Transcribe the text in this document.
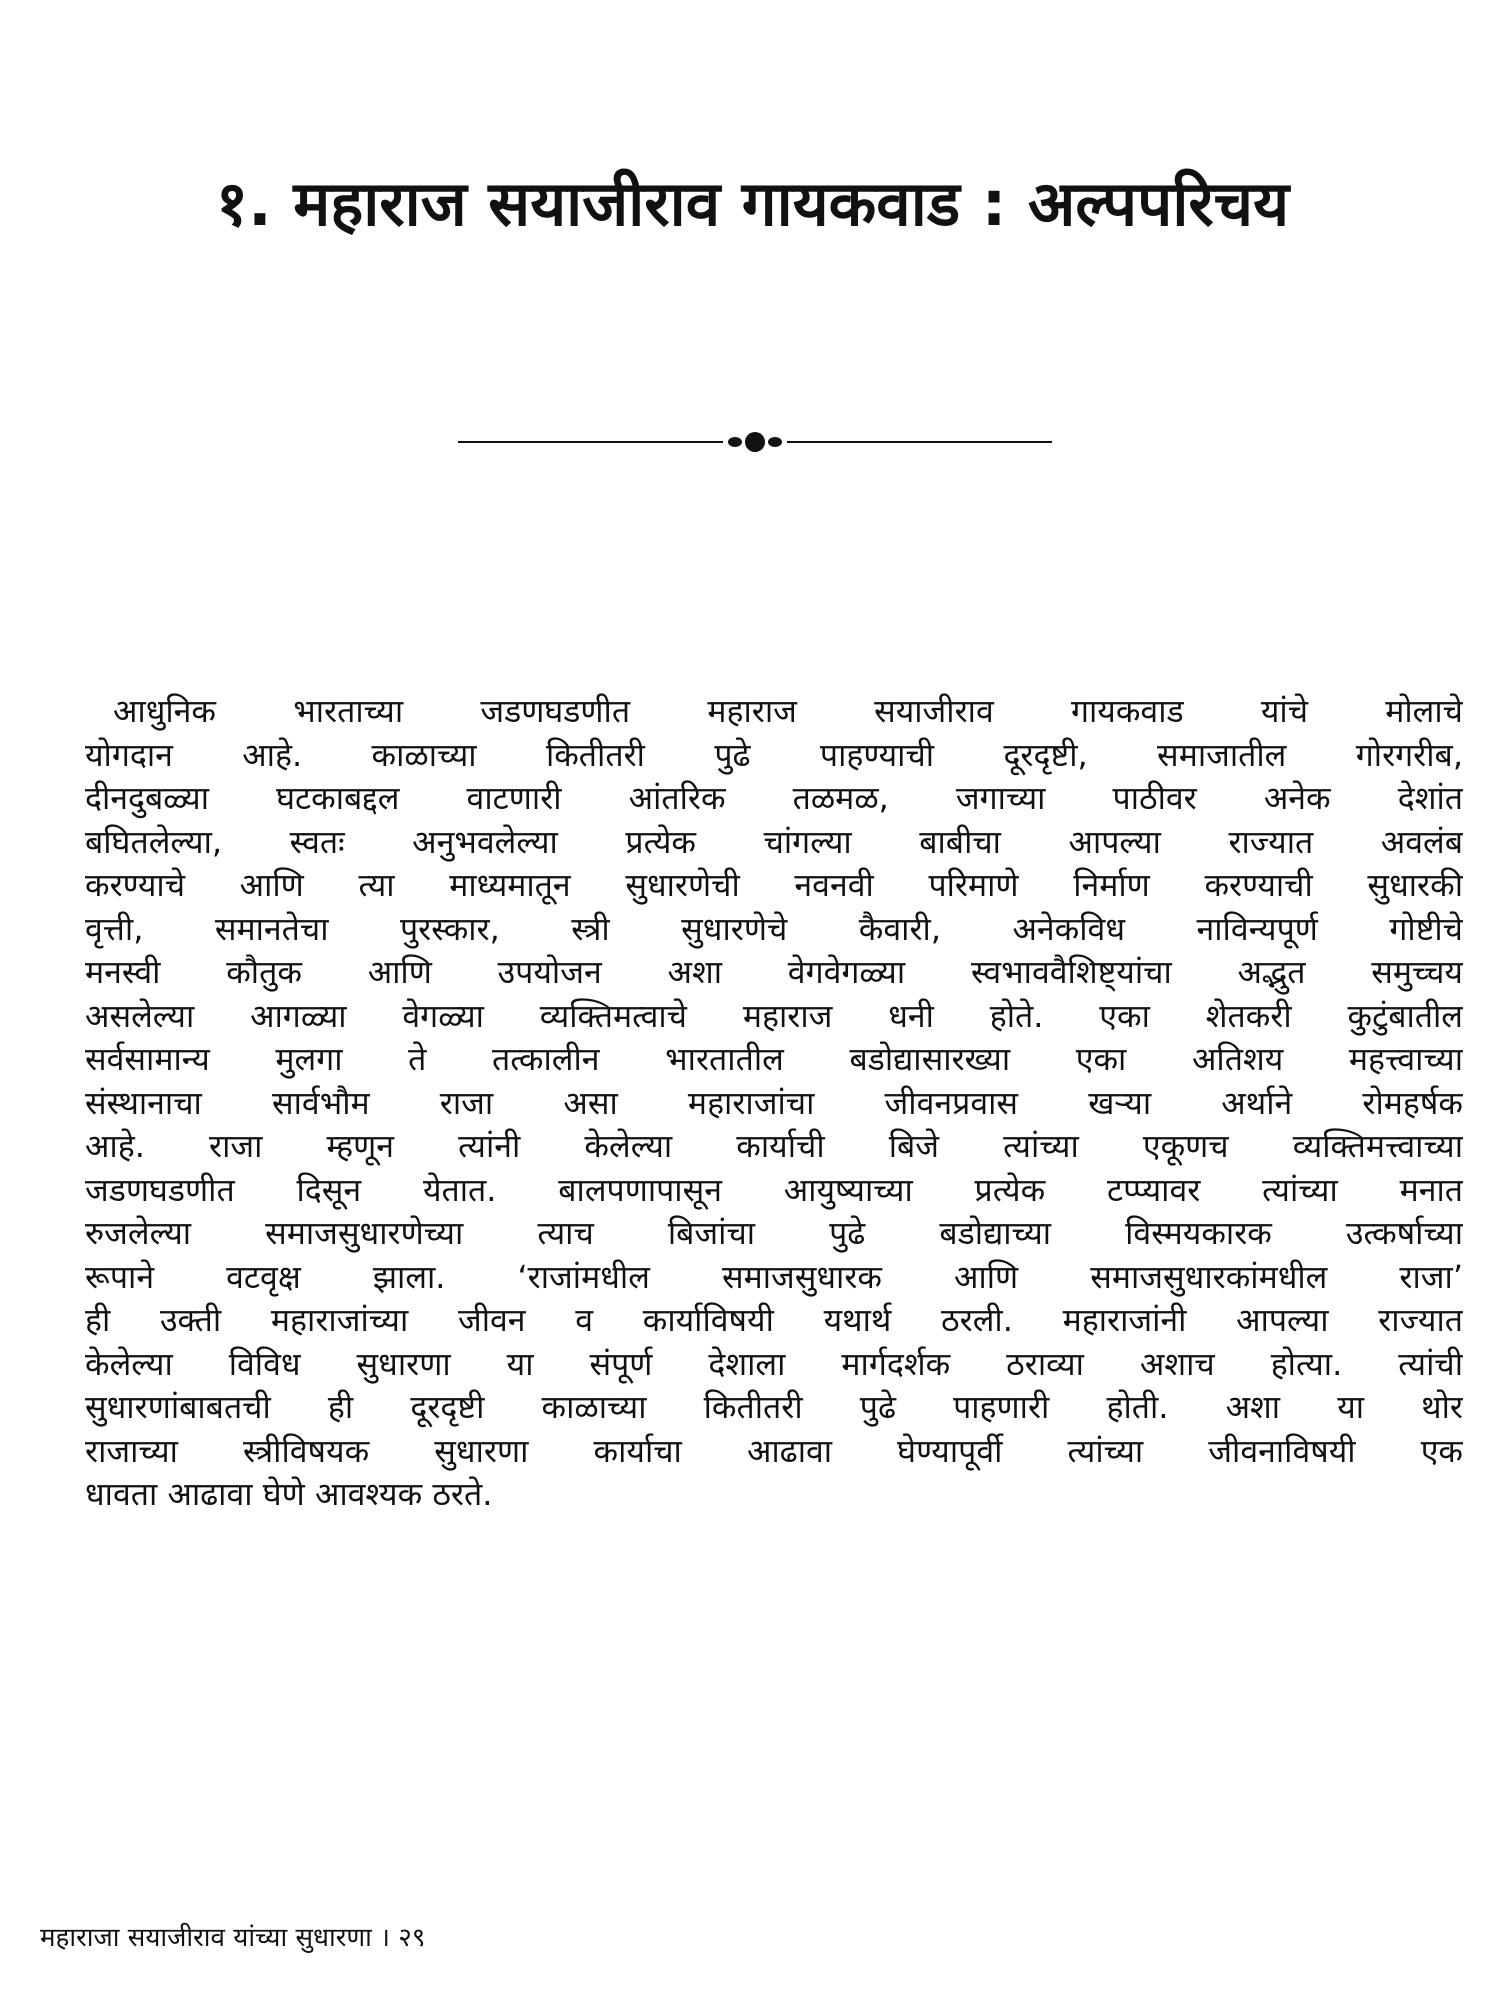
१. महाराज सयाजीराव गायकवाड : अल्पपरिचय
आधुनिक भारताच्या जडणघडणीत महाराज सयाजीराव गायकवाड यांचे मोलाचे
योगदान आहे. काळाच्या कितीतरी पुढे पाहण्याची दूरदृष्टी, समाजातील गोरगरीब,
दीनदुबळ्या घटकाबद्दल वाटणारी आंतरिक तळमळ, जगाच्या पाठीवर अनेक देशांत
बघितलेल्या, स्वतः अनुभवलेल्या प्रत्येक चांगल्या बाबीचा आपल्या राज्यात अवलंब
करण्याचे आणि त्या माध्यमातून सुधारणेची नवनवी परिमाणे निर्माण करण्याची सुधारकी
वृत्ती, समानतेचा पुरस्कार, स्त्री सुधारणेचे कैवारी, अनेकविध नाविन्यपूर्ण गोष्टीचे
मनस्वी कौतुक आणि उपयोजन अशा वेगवेगळ्या स्वभाववैशिष्ट्यांचा अद्भुत समुच्चय
असलेल्या आगळ्या वेगळ्या व्यक्तिमत्वाचे महाराज धनी होते. एका शेतकरी कुटुंबातील
सर्वसामान्य मुलगा ते तत्कालीन भारतातील बडोद्यासारख्या एका अतिशय महत्त्वाच्या
संस्थानाचा सार्वभौम राजा असा महाराजांचा जीवनप्रवास खऱ्या अर्थाने रोमहर्षक
आहे. राजा म्हणून त्यांनी केलेल्या कार्याची बिजे त्यांच्या एकूणच व्यक्तिमत्त्वाच्या
जडणघडणीत दिसून येतात. बालपणापासून आयुष्याच्या प्रत्येक टप्प्यावर त्यांच्या मनात
रुजलेल्या समाजसुधारणेच्या त्याच बिजांचा पुढे बडोद्याच्या विस्मयकारक उत्कर्षाच्या
रूपाने वटवृक्ष झाला. ‘राजांमधील समाजसुधारक आणि समाजसुधारकांमधील राजा’
ही उक्ती महाराजांच्या जीवन व कार्याविषयी यथार्थ ठरली. महाराजांनी आपल्या राज्यात
केलेल्या विविध सुधारणा या संपूर्ण देशाला मार्गदर्शक ठराव्या अशाच होत्या. त्यांची
सुधारणांबाबतची ही दूरदृष्टी काळाच्या कितीतरी पुढे पाहणारी होती. अशा या थोर
राजाच्या स्त्रीविषयक सुधारणा कार्याचा आढावा घेण्यापूर्वी त्यांच्या जीवनाविषयी एक
धावता आढावा घेणे आवश्यक ठरते.
महाराजा सयाजीराव यांच्या सुधारणा । २९
